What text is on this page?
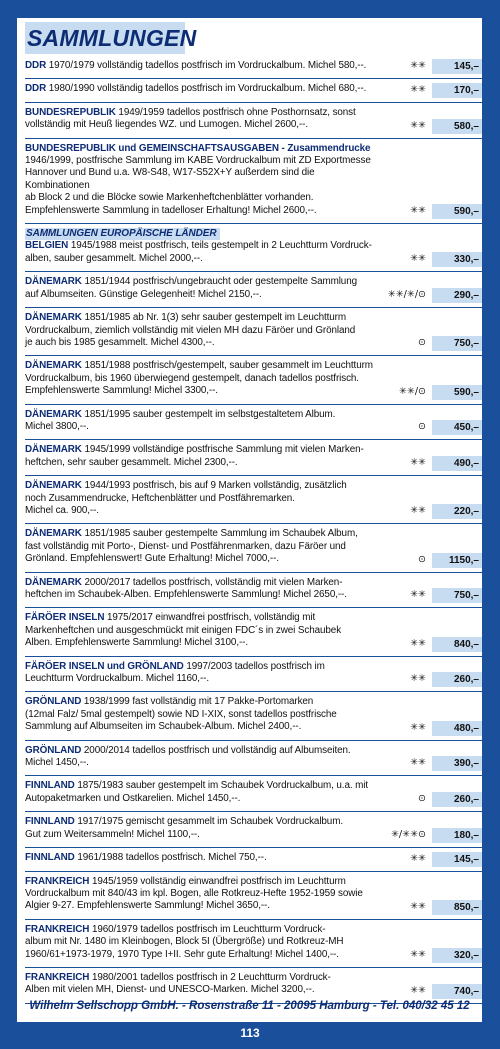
SAMMLUNGEN
DDR 1970/1979 vollständig tadellos postfrisch im Vordruckalbum. Michel 580,--.	✳✳	145,–
DDR 1980/1990 vollständig tadellos postfrisch im Vordruckalbum. Michel 680,--.	✳✳	170,–
BUNDESREPUBLIK 1949/1959 tadellos postfrisch ohne Posthornsatz, sonst
vollständig mit Heuß liegendes WZ. und Lumogen. Michel 2600,--.	✳✳	580,–
BUNDESREPUBLIK und GEMEINSCHAFTSAUSGABEN - Zusammendrucke
1946/1999, postfrische Sammlung im KABE Vordruckalbum mit ZD Exportmesse
Hannover und Bund u.a. W8-S48, W17-S52X+Y außerdem sind die Kombinationen
ab Block 2 und die Blöcke sowie Markenheftchenblätter vorhanden.
Empfehlenswerte Sammlung in tadelloser Erhaltung! Michel 2600,--.	✳✳	590,–
SAMMLUNGEN EUROPÄISCHE LÄNDER
BELGIEN 1945/1988 meist postfrisch, teils gestempelt in 2 Leuchtturm Vordruck-
alben, sauber gesammelt. Michel 2000,--.	✳✳	330,–
DÄNEMARK 1851/1944 postfrisch/ungebraucht oder gestempelte Sammlung
auf Albumseiten. Günstige Gelegenheit! Michel 2150,--.	✳✳/✳/⊙	290,–
DÄNEMARK 1851/1985 ab Nr. 1(3) sehr sauber gestempelt im Leuchtturm
Vordruckalbum, ziemlich vollständig mit vielen MH dazu Färöer und Grönland
je auch bis 1985 gesammelt. Michel 4300,--.	⊙	750,–
DÄNEMARK 1851/1988 postfrisch/gestempelt, sauber gesammelt im Leuchtturm
Vordruckalbum, bis 1960 überwiegend gestempelt, danach tadellos postfrisch.
Empfehlenswerte Sammlung! Michel 3300,--.	✳✳/⊙	590,–
DÄNEMARK 1851/1995 sauber gestempelt im selbstgestaltetem Album.
Michel 3800,--.	⊙	450,–
DÄNEMARK 1945/1999 vollständige postfrische Sammlung mit vielen Marken-
heftchen, sehr sauber gesammelt. Michel 2300,--.	✳✳	490,–
DÄNEMARK 1944/1993 postfrisch, bis auf 9 Marken vollständig, zusätzlich
noch Zusammendrucke, Heftchenblätter und Postfähremarken.
Michel ca. 900,--.	✳✳	220,–
DÄNEMARK 1851/1985 sauber gestempelte Sammlung im Schaubek Album,
fast vollständig mit Porto-, Dienst- und Postfährenmarken, dazu Färöer und
Grönland. Empfehlenswert! Gute Erhaltung! Michel 7000,--.	⊙	1150,–
DÄNEMARK 2000/2017 tadellos postfrisch, vollständig mit vielen Marken-
heftchen im Schaubek-Alben. Empfehlenswerte Sammlung! Michel 2650,--.	✳✳	750,–
FÄRÖER INSELN 1975/2017 einwandfrei postfrisch, vollständig mit
Markenheftchen und ausgeschmückt mit einigen FDC´s in zwei Schaubek
Alben. Empfehlenswerte Sammlung! Michel 3100,--.	✳✳	840,–
FÄRÖER INSELN und GRÖNLAND 1997/2003 tadellos postfrisch im
Leuchtturm Vordruckalbum. Michel 1160,--.	✳✳	260,–
GRÖNLAND 1938/1999 fast vollständig mit 17 Pakke-Portomarken
(12mal Falz/ 5mal gestempelt) sowie ND I-XIX, sonst tadellos postfrische
Sammlung auf Albumseiten im Schaubek-Album. Michel 2400,--.	✳✳	480,–
GRÖNLAND 2000/2014 tadellos postfrisch und vollständig auf Albumseiten.
Michel 1450,--.	✳✳	390,–
FINNLAND 1875/1983 sauber gestempelt im Schaubek Vordruckalbum, u.a. mit
Autopaketmarken und Ostkarelien. Michel 1450,--.	⊙	260,–
FINNLAND 1917/1975 gemischt gesammelt im Schaubek Vordruckalbum.
Gut zum Weitersammeln! Michel 1100,--.	✳/✳✳⊙	180,–
FINNLAND 1961/1988 tadellos postfrisch. Michel 750,--.	✳✳	145,–
FRANKREICH 1945/1959 vollständig einwandfrei postfrisch im Leuchtturm
Vordruckalbum mit 840/43 im kpl. Bogen, alle Rotkreuz-Hefte 1952-1959 sowie
Algier 9-27. Empfehlenswerte Sammlung! Michel 3650,--.	✳✳	850,–
FRANKREICH 1960/1979 tadellos postfrisch im Leuchtturm Vordruck-
album mit Nr. 1480 im Kleinbogen, Block 5I (Übergröße) und Rotkreuz-MH
1960/61+1973-1979, 1970 Type I+II. Sehr gute Erhaltung! Michel 1400,--.	✳✳	320,–
FRANKREICH 1980/2001 tadellos postfrisch in 2 Leuchtturm Vordruck-
Alben mit vielen MH, Dienst- und UNESCO-Marken. Michel 3200,--.	✳✳	740,–
Wilhelm Sellschopp GmbH. - Rosenstraße 11 - 20095 Hamburg - Tel. 040/32 45 12
113
